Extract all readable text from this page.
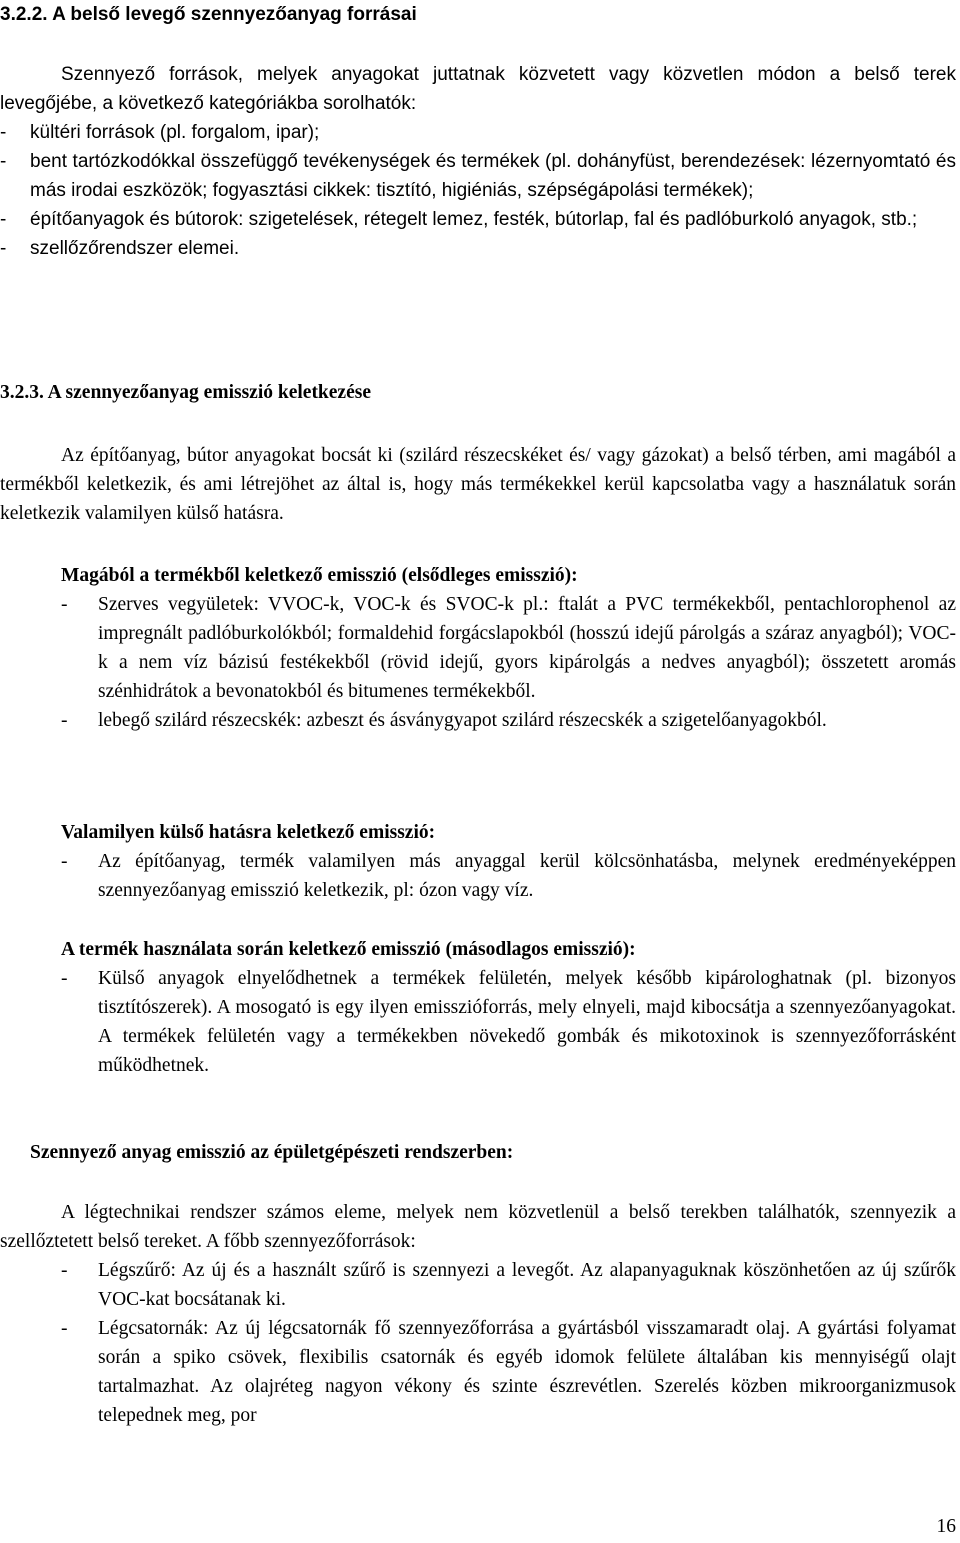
3.2.2. A belső levegő szennyezőanyag forrásai

Szennyező források, melyek anyagokat juttatnak közvetett vagy közvetlen módon a belső terek levegőjébe, a következő kategóriákba sorolhatók:

- kültéri források (pl. forgalom, ipar);
- bent tartózkodókkal összefüggő tevékenységek és termékek (pl. dohányfüst, berendezések: lézernyomtató és más irodai eszközök; fogyasztási cikkek: tisztító, higiéniás, szépségápolási termékek);
- építőanyagok és bútorok: szigetelések, rétegelt lemez, festék, bútorlap, fal és padlóburkoló anyagok, stb.;
- szellőzőrendszer elemei.

3.2.3. A szennyezőanyag emisszió keletkezése

Az építőanyag, bútor anyagokat bocsát ki (szilárd részecskéket és/ vagy gázokat) a belső térben, ami magából a termékből keletkezik, és ami létrejöhet az által is, hogy más termékekkel kerül kapcsolatba vagy a használatuk során keletkezik valamilyen külső hatásra.

Magából a termékből keletkező emisszió (elsődleges emisszió):

- Szerves vegyületek: VVOC-k, VOC-k és SVOC-k pl.: ftalát a PVC termékekből, pentachlorophenol az impregnált padlóburkolókból; formaldehid forgácslapokból (hosszú idejű párolgás a száraz anyagból); VOC-k a nem víz bázisú festékekből (rövid idejű, gyors kipárolgás a nedves anyagból); összetett aromás szénhidrátok a bevonatokból és bitumenes termékekből.
- lebegő szilárd részecskék: azbeszt és ásványgyapot szilárd részecskék a szigetelőanyagokból.

Valamilyen külső hatásra keletkező emisszió:

- Az építőanyag, termék valamilyen más anyaggal kerül kölcsönhatásba, melynek eredményeképpen szennyezőanyag emisszió keletkezik, pl: ózon vagy víz.

A termék használata során keletkező emisszió (másodlagos emisszió):

- Külső anyagok elnyelődhetnek a termékek felületén, melyek később kipárologhatnak (pl. bizonyos tisztítószerek). A mosogató is egy ilyen emisszióforrás, mely elnyeli, majd kibocsátja a szennyezőanyagokat. A termékek felületén vagy a termékekben növekedő gombák és mikotoxinok is szennyezőforrásként működhetnek.

Szennyező anyag emisszió az épületgépészeti rendszerben:

A légtechnikai rendszer számos eleme, melyek nem közvetlenül a belső terekben találhatók, szennyezik a szellőztetett belső tereket. A főbb szennyezőforrások:

- Légszűrő: Az új és a használt szűrő is szennyezi a levegőt. Az alapanyaguknak köszönhetően az új szűrők VOC-kat bocsátanak ki.
- Légcsatornák: Az új légcsatornák fő szennyezőforrása a gyártásból visszamaradt olaj. A gyártási folyamat során a spiko csövek, flexibilis csatornák és egyéb idomok felülete általában kis mennyiségű olajt tartalmazhat. Az olajréteg nagyon vékony és szinte észrevétlen. Szerelés közben mikroorganizmusok telepednek meg, por
16
